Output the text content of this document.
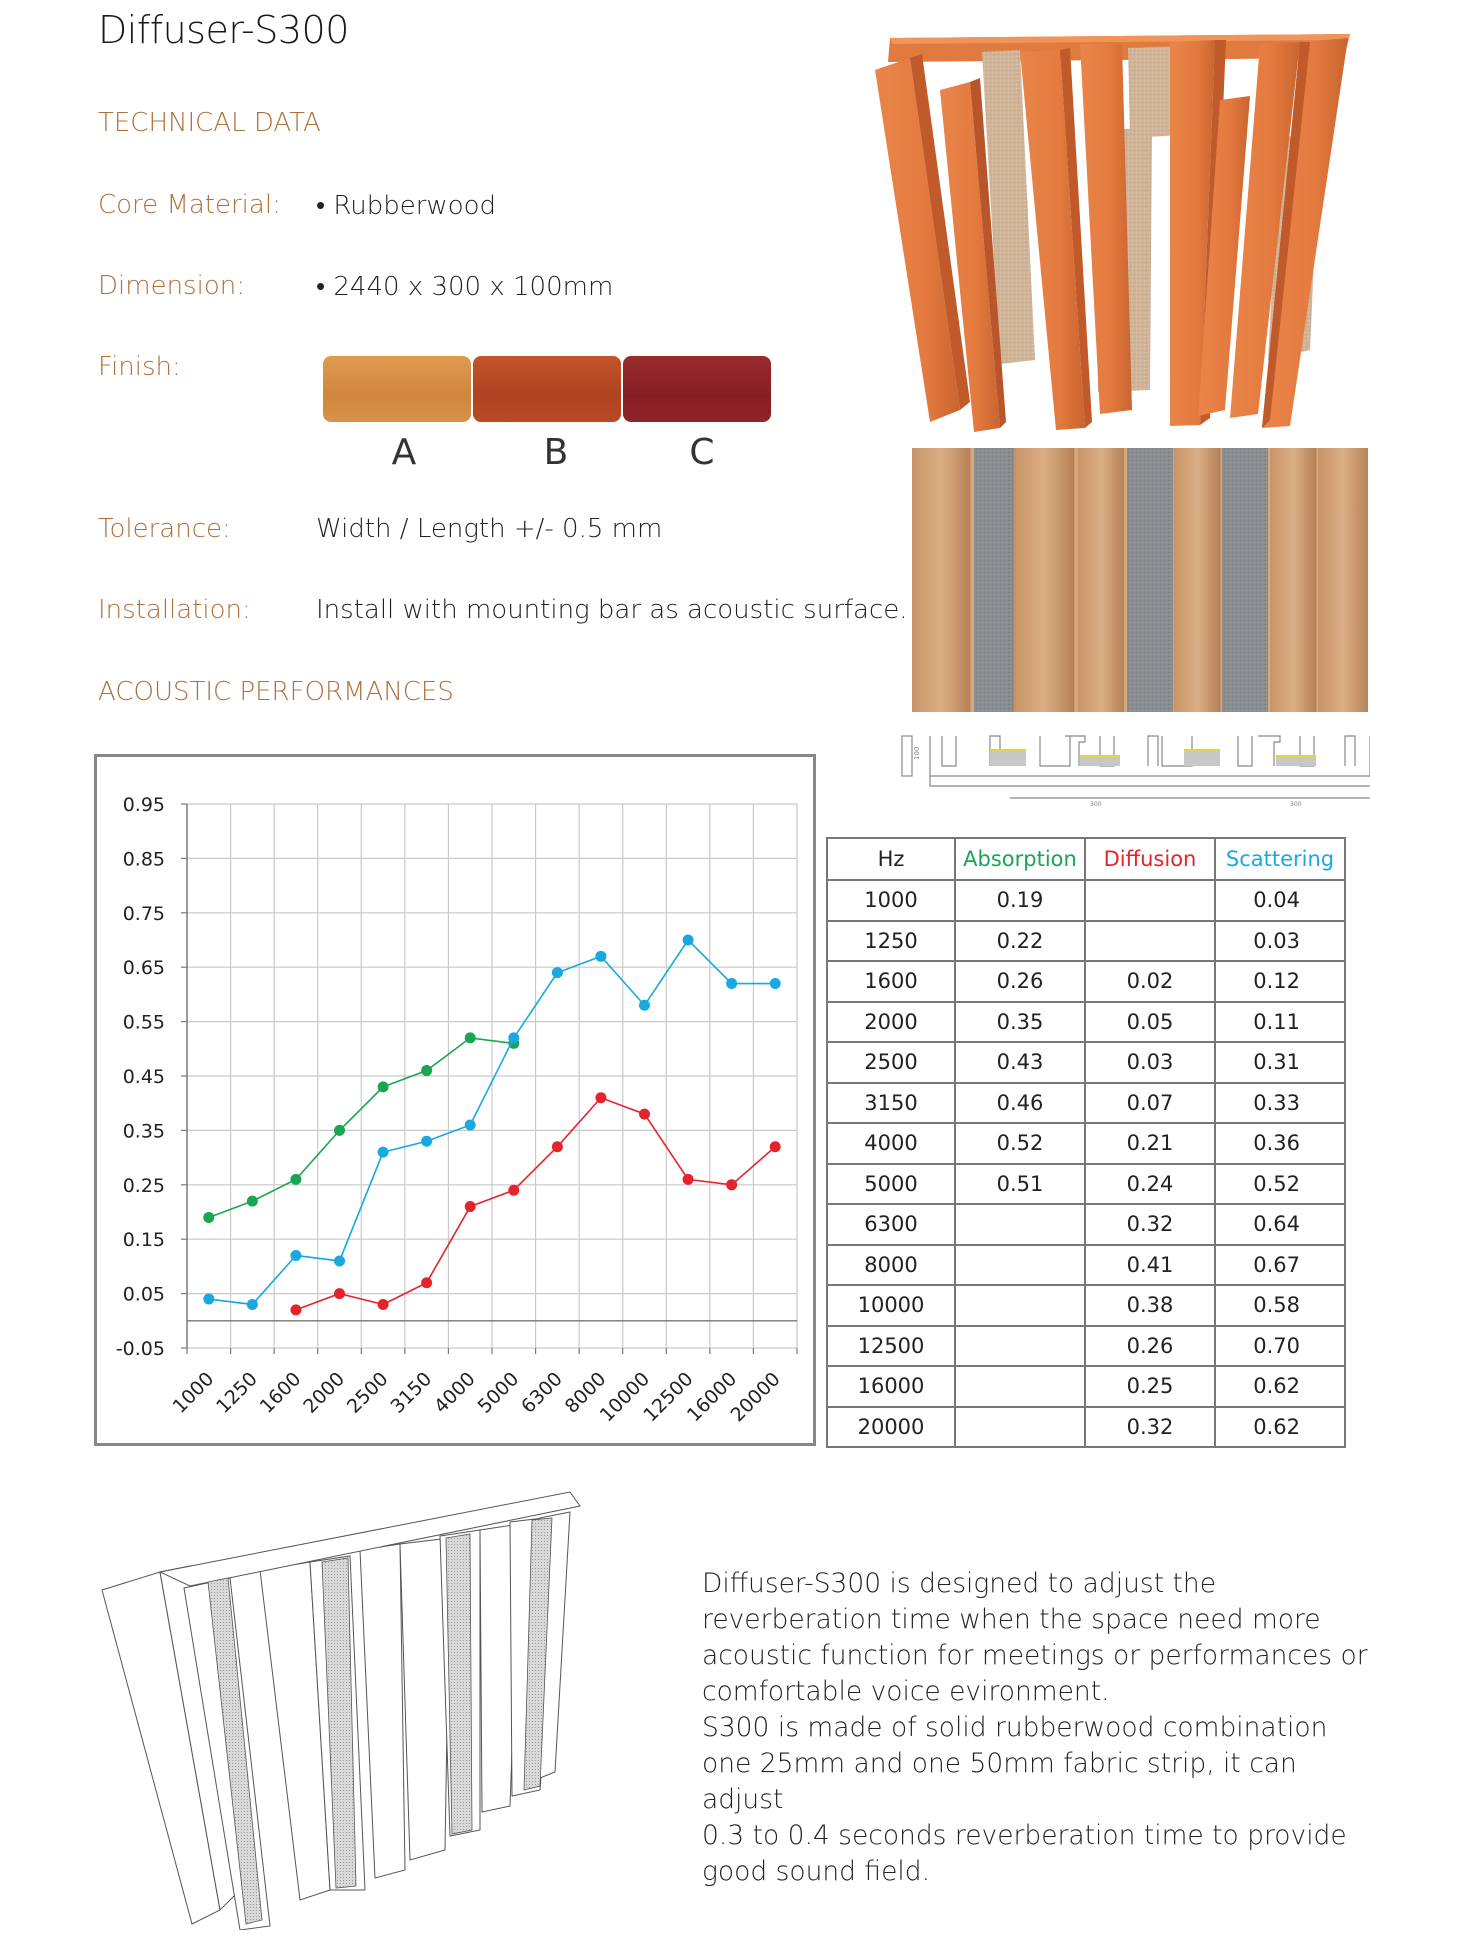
Diffuser-S300
TECHNICAL DATA
Core Material: • Rubberwood
Dimension:	• 2440 x 300 x 100mm
Finish:
A	B	C
Tolerance:	Width / Length +/- 0.5 mm
Installation:	Install with mounting bar as acoustic surface.
ACOUSTIC PERFORMANCES
100
300	300
0.95
0.85
0.75
0.65
0.55
0.45
0.35
0.25
0.15
0.05
-0.05
1000
1250
1600
2000
2500
3150
4000
5000
6300
8000
10000
12500
16000
20000
Hz	Absorption	Diffusion	Scattering
1000	0.19		0.04
1250	0.22		0.03
1600	0.26	0.02	0.12
2000	0.35	0.05	0.11
2500	0.43	0.03	0.31
3150	0.46	0.07	0.33
4000	0.52	0.21	0.36
5000	0.51	0.24	0.52
6300		0.32	0.64
8000		0.41	0.67
10000		0.38	0.58
12500		0.26	0.70
16000		0.25	0.62
20000		0.32	0.62

Diffuser-S300 is designed to adjust the

reverberation time when the space need more

acoustic function for meetings or performances or

comfortable voice evironment.

S300 is made of solid rubberwood combination

one 25mm and one 50mm fabric strip, it can adjust

0.3 to 0.4 seconds reverberation time to provide

good sound field.
